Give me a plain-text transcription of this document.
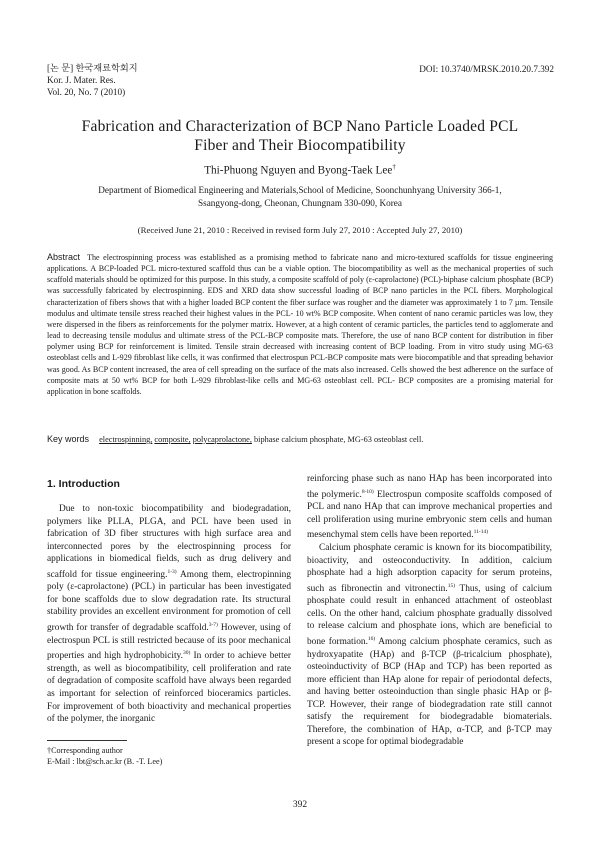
[논 문] 한국재료학회지
Kor. J. Mater. Res.
Vol. 20, No. 7 (2010)
DOI: 10.3740/MRSK.2010.20.7.392
Fabrication and Characterization of BCP Nano Particle Loaded PCL
Fiber and Their Biocompatibility
Thi-Phuong Nguyen and Byong-Taek Lee†
Department of Biomedical Engineering and Materials,School of Medicine, Soonchunhyang University 366-1,
Ssangyong-dong, Cheonan, Chungnam 330-090, Korea
(Received June 21, 2010 : Received in revised form July 27, 2010 : Accepted July 27, 2010)
Abstract The electrospinning process was established as a promising method to fabricate nano and micro-textured scaffolds for tissue engineering applications. A BCP-loaded PCL micro-textured scaffold thus can be a viable option. The biocompatibility as well as the mechanical properties of such scaffold materials should be optimized for this purpose. In this study, a composite scaffold of poly (ε-caprolactone) (PCL)-biphase calcium phosphate (BCP) was successfully fabricated by electrospinning. EDS and XRD data show successful loading of BCP nano particles in the PCL fibers. Morphological characterization of fibers shows that with a higher loaded BCP content the fiber surface was rougher and the diameter was approximately 1 to 7 µm. Tensile modulus and ultimate tensile stress reached their highest values in the PCL- 10 wt% BCP composite. When content of nano ceramic particles was low, they were dispersed in the fibers as reinforcements for the polymer matrix. However, at a high content of ceramic particles, the particles tend to agglomerate and lead to decreasing tensile modulus and ultimate stress of the PCL-BCP composite mats. Therefore, the use of nano BCP content for distribution in fiber polymer using BCP for reinforcement is limited. Tensile strain decreased with increasing content of BCP loading. From in vitro study using MG-63 osteoblast cells and L-929 fibroblast like cells, it was confirmed that electrospun PCL-BCP composite mats were biocompatible and that spreading behavior was good. As BCP content increased, the area of cell spreading on the surface of the mats also increased. Cells showed the best adherence on the surface of composite mats at 50 wt% BCP for both L-929 fibroblast-like cells and MG-63 osteoblast cell. PCL- BCP composites are a promising material for application in bone scaffolds.
Key words electrospinning, composite, polycaprolactone, biphase calcium phosphate, MG-63 osteoblast cell.
1. Introduction

Due to non-toxic biocompatibility and biodegradation, polymers like PLLA, PLGA, and PCL have been used in fabrication of 3D fiber structures with high surface area and interconnected pores by the electrospinning process for applications in biomedical fields, such as drug delivery and scaffold for tissue engineering.$^{1-3)}$ Among them, electropinning poly (ε-caprolactone) (PCL) in particular has been investigated for bone scaffolds due to slow degradation rate. Its structural stability provides an excellent environment for promotion of cell growth for transfer of degradable scaffold.$^{3-7)}$ However, using of electrospun PCL is still restricted because of its poor mechanical properties and high hydrophobicity.$^{30)}$ In order to achieve better strength, as well as biocompatibility, cell proliferation and rate of degradation of composite scaffold have always been regarded as important for selection of reinforced bioceramics particles. For improvement of both bioactivity and mechanical properties of the polymer, the inorganic

reinforcing phase such as nano HAp has been incorporated into the polymeric.$^{8-10)}$ Electrospun composite scaffolds composed of PCL and nano HAp that can improve mechanical properties and cell proliferation using murine embryonic stem cells and human mesenchymal stem cells have been reported.$^{11-14)}$

Calcium phosphate ceramic is known for its biocompatibility, bioactivity, and osteoconductivity. In addition, calcium phosphate had a high adsorption capacity for serum proteins, such as fibronectin and vitronectin.$^{15)}$ Thus, using of calcium phosphate could result in enhanced attachment of osteoblast cells. On the other hand, calcium phosphate gradually dissolved to release calcium and phosphate ions, which are beneficial to bone formation.$^{16)}$ Among calcium phosphate ceramics, such as hydroxyapatite (HAp) and β-TCP (β-tricalcium phosphate), osteoinductivity of BCP (HAp and TCP) has been reported as more efficient than HAp alone for repair of periodontal defects, and having better osteoinduction than single phasic HAp or β-TCP. However, their range of biodegradation rate still cannot satisfy the requirement for biodegradable biomaterials. Therefore, the combination of HAp, α-TCP, and β-TCP may present a scope for optimal biodegradable

†Corresponding author
E-Mail : lbt@sch.ac.kr (B. -T. Lee)
392
